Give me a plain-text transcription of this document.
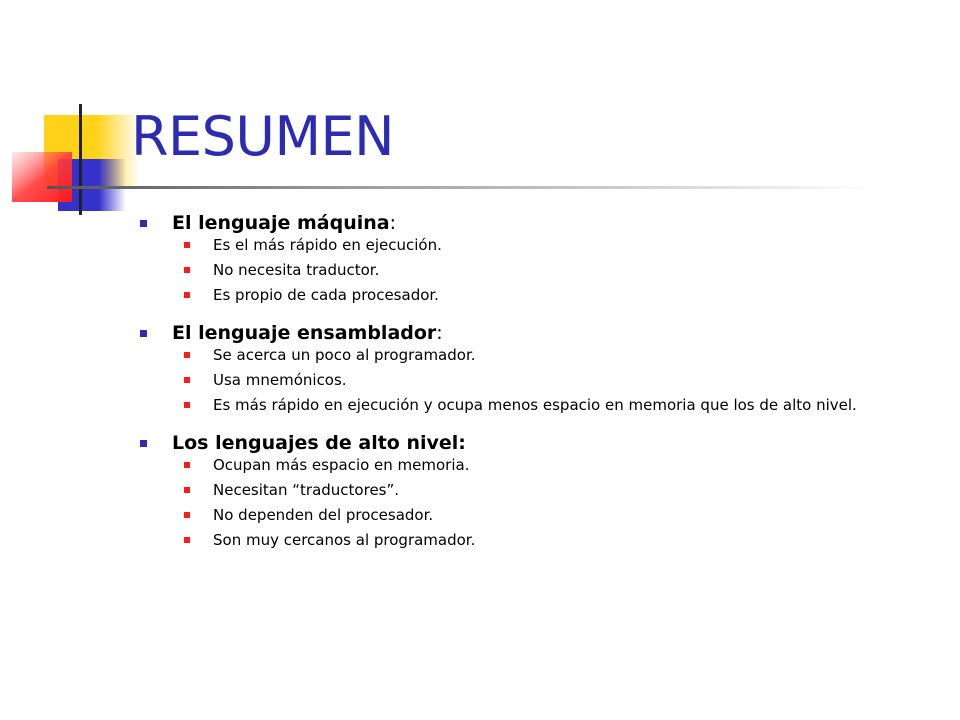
RESUMEN
El lenguaje máquina:
Es el más rápido en ejecución.
No necesita traductor.
Es propio de cada procesador.
El lenguaje ensamblador:
Se acerca un poco al programador.
Usa mnemónicos.
Es más rápido en ejecución y ocupa menos espacio en memoria que los de alto nivel.
Los lenguajes de alto nivel:
Ocupan más espacio en memoria.
Necesitan “traductores”.
No dependen del procesador.
Son muy cercanos al programador.
